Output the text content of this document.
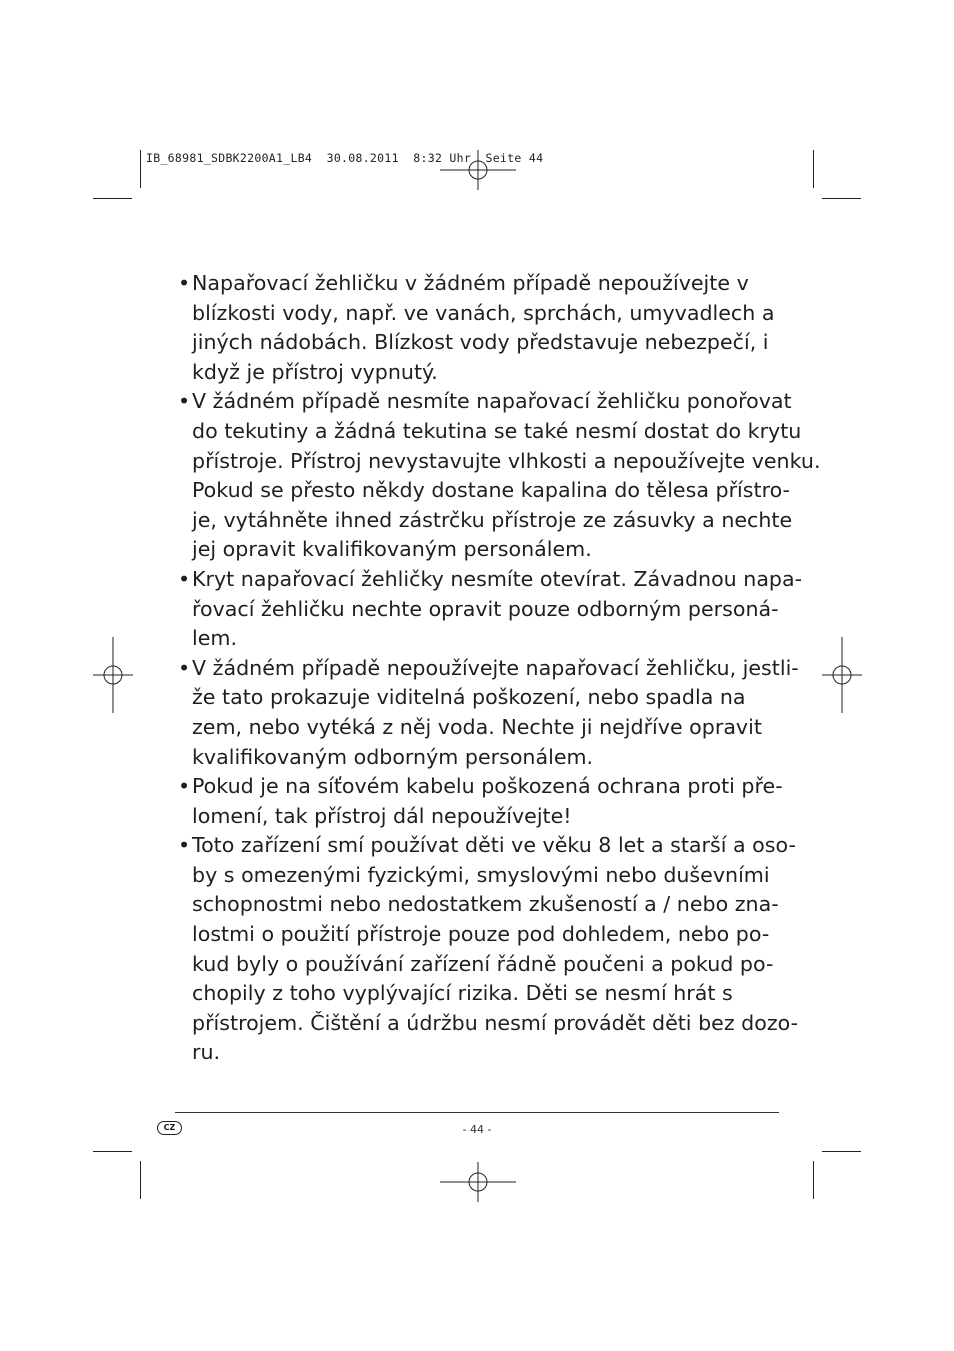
IB_68981_SDBK2200A1_LB4  30.08.2011  8:32 Uhr  Seite 44
• Napařovací žehličku v žádném případě nepoužívejte v
blízkosti vody, např. ve vanách, sprchách, umyvadlech a
jiných nádobách. Blízkost vody představuje nebezpečí, i
když je přístroj vypnutý.
• V žádném případě nesmíte napařovací žehličku ponořovat
do tekutiny a žádná tekutina se také nesmí dostat do krytu
přístroje. Přístroj nevystavujte vlhkosti a nepoužívejte venku.
Pokud se přesto někdy dostane kapalina do tělesa přístro-
je, vytáhněte ihned zástrčku přístroje ze zásuvky a nechte
jej opravit kvalifikovaným personálem.
• Kryt napařovací žehličky nesmíte otevírat. Závadnou napa-
řovací žehličku nechte opravit pouze odborným personá-
lem.
• V žádném případě nepoužívejte napařovací žehličku, jestli-
že tato prokazuje viditelná poškození, nebo spadla na
zem, nebo vytéká z něj voda. Nechte ji nejdříve opravit
kvalifikovaným odborným personálem.
• Pokud je na síťovém kabelu poškozená ochrana proti pře-
lomení, tak přístroj dál nepoužívejte!
• Toto zařízení smí používat děti ve věku 8 let a starší a oso-
by s omezenými fyzickými, smyslovými nebo duševními
schopnostmi nebo nedostatkem zkušeností a / nebo zna-
lostmi o použití přístroje pouze pod dohledem, nebo po-
kud byly o používání zařízení řádně poučeni a pokud po-
chopily z toho vyplývající rizika. Děti se nesmí hrát s
přístrojem. Čištění a údržbu nesmí provádět děti bez dozo-
ru.
CZ	- 44 -
